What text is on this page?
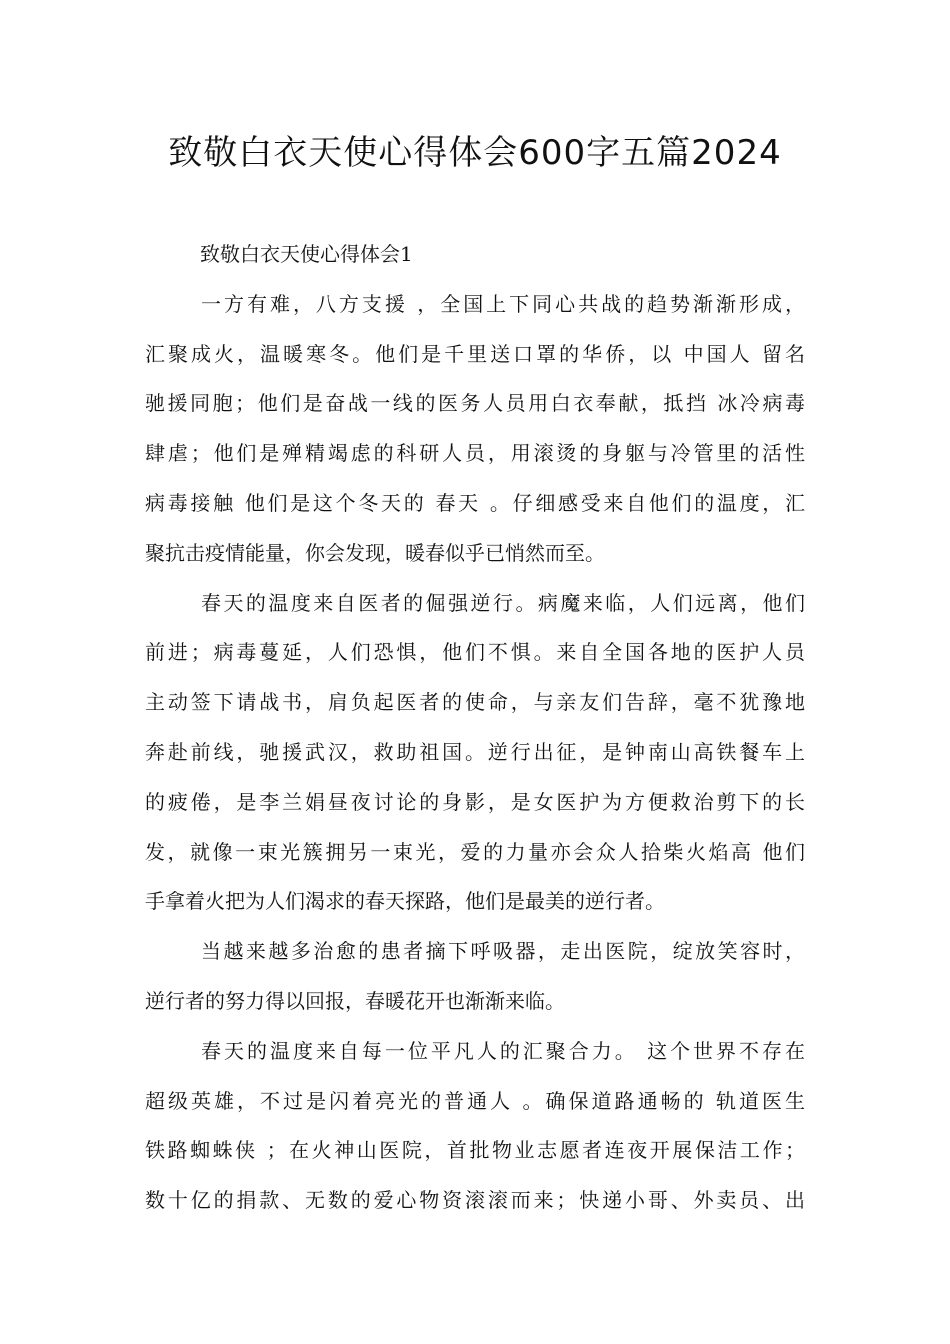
致敬白衣天使心得体会600字五篇2024

致敬白衣天使心得体会1

一方有难，八方支援 ，全国上下同心共战的趋势渐渐形成，

汇聚成火，温暖寒冬。他们是千里送口罩的华侨，以 中国人 留名

驰援同胞；他们是奋战一线的医务人员用白衣奉献，抵挡 冰冷病毒

肆虐；他们是殚精竭虑的科研人员，用滚烫的身躯与冷管里的活性

病毒接触 他们是这个冬天的 春天 。仔细感受来自他们的温度，汇

聚抗击疫情能量，你会发现，暖春似乎已悄然而至。

春天的温度来自医者的倔强逆行。病魔来临，人们远离，他们

前进；病毒蔓延，人们恐惧，他们不惧。来自全国各地的医护人员

主动签下请战书，肩负起医者的使命，与亲友们告辞，毫不犹豫地

奔赴前线，驰援武汉，救助祖国。逆行出征，是钟南山高铁餐车上

的疲倦，是李兰娟昼夜讨论的身影，是女医护为方便救治剪下的长

发，就像一束光簇拥另一束光，爱的力量亦会众人拾柴火焰高 他们

手拿着火把为人们渴求的春天探路，他们是最美的逆行者。

当越来越多治愈的患者摘下呼吸器，走出医院，绽放笑容时，

逆行者的努力得以回报，春暖花开也渐渐来临。

春天的温度来自每一位平凡人的汇聚合力。 这个世界不存在

超级英雄，不过是闪着亮光的普通人 。确保道路通畅的 轨道医生

铁路蜘蛛侠 ；在火神山医院，首批物业志愿者连夜开展保洁工作；

数十亿的捐款、无数的爱心物资滚滚而来；快递小哥、外卖员、出
